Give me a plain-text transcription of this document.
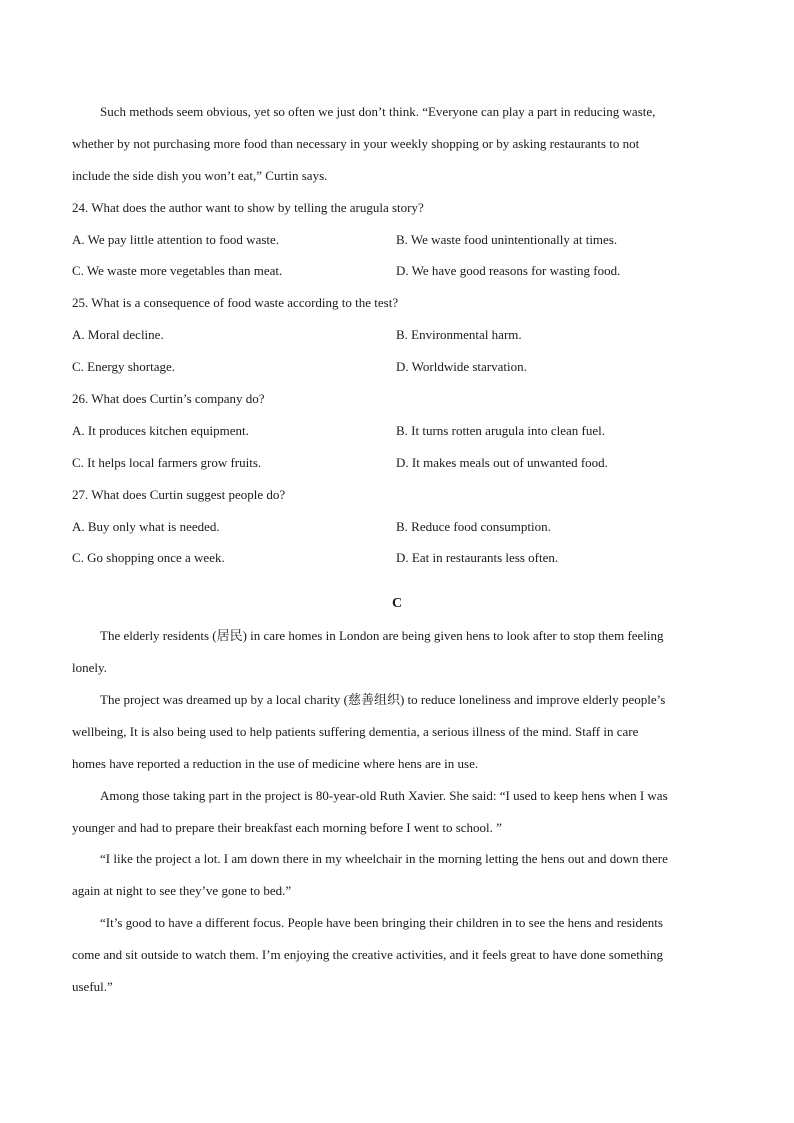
Such methods seem obvious, yet so often we just don’t think. “Everyone can play a part in reducing waste,
whether by not purchasing more food than necessary in your weekly shopping or by asking restaurants to not
include the side dish you won’t eat,” Curtin says.
24. What does the author want to show by telling the arugula story?
A. We pay little attention to food waste.	B. We waste food unintentionally at times.
C. We waste more vegetables than meat.	D. We have good reasons for wasting food.
25. What is a consequence of food waste according to the test?
A. Moral decline.	B. Environmental harm.
C. Energy shortage.	D. Worldwide starvation.
26. What does Curtin’s company do?
A. It produces kitchen equipment.	B. It turns rotten arugula into clean fuel.
C. It helps local farmers grow fruits.	D. It makes meals out of unwanted food.
27. What does Curtin suggest people do?
A. Buy only what is needed.	B. Reduce food consumption.
C. Go shopping once a week.	D. Eat in restaurants less often.
C
The elderly residents (居民) in care homes in London are being given hens to look after to stop them feeling
lonely.
The project was dreamed up by a local charity (慈善组织) to reduce loneliness and improve elderly people’s
wellbeing, It is also being used to help patients suffering dementia, a serious illness of the mind. Staff in care
homes have reported a reduction in the use of medicine where hens are in use.
Among those taking part in the project is 80-year-old Ruth Xavier. She said: “I used to keep hens when I was
younger and had to prepare their breakfast each morning before I went to school. ”
“I like the project a lot. I am down there in my wheelchair in the morning letting the hens out and down there
again at night to see they’ve gone to bed.”
“It’s good to have a different focus. People have been bringing their children in to see the hens and residents
come and sit outside to watch them. I’m enjoying the creative activities, and it feels great to have done something
useful.”
